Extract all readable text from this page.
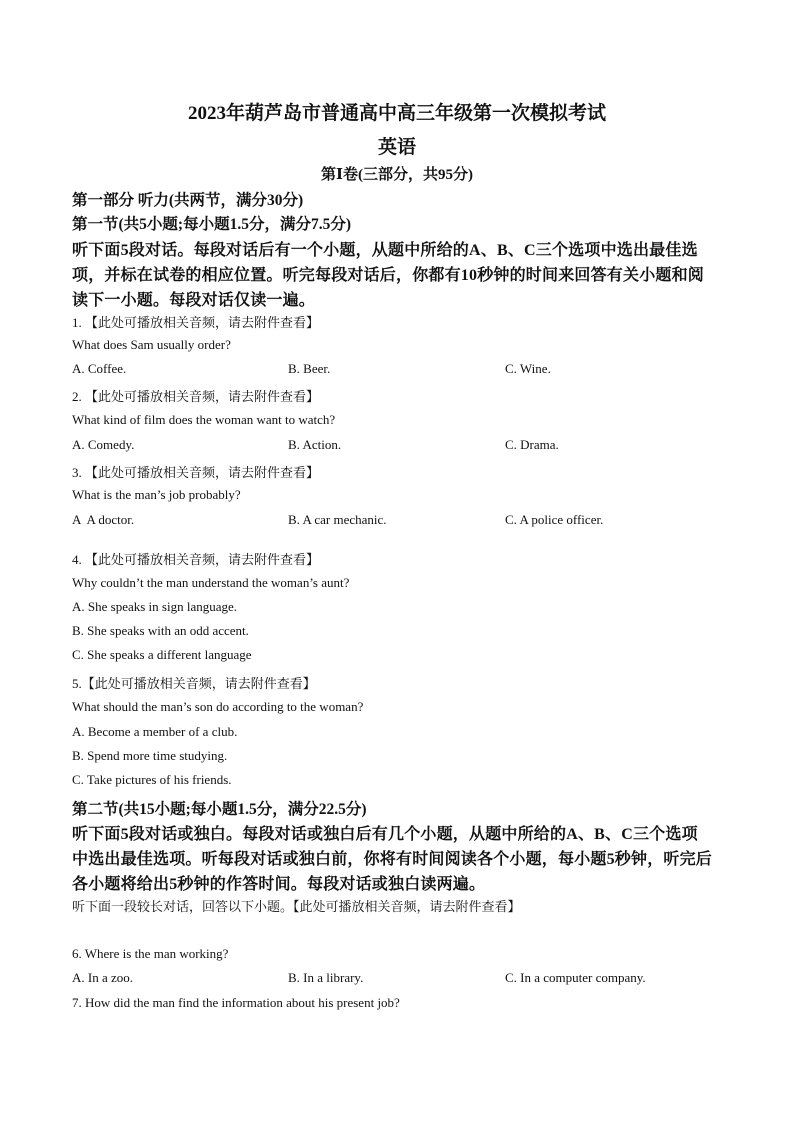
2023年葫芦岛市普通高中高三年级第一次模拟考试
英语
第Ⅰ卷(三部分，共95分)
第一部分 听力(共两节，满分30分)
第一节(共5小题;每小题1.5分，满分7.5分)
听下面5段对话。每段对话后有一个小题，从题中所给的A、B、C三个选项中选出最佳选
项，并标在试卷的相应位置。听完每段对话后，你都有10秒钟的时间来回答有关小题和阅
读下一小题。每段对话仅读一遍。
1. 【此处可播放相关音频，请去附件查看】
What does Sam usually order?
A. Coffee.	B. Beer.	C. Wine.
2. 【此处可播放相关音频，请去附件查看】
What kind of film does the woman want to watch?
A. Comedy.	B. Action.	C. Drama.
3. 【此处可播放相关音频，请去附件查看】
What is the man’s job probably?
A  A doctor.	B. A car mechanic.	C. A police officer.
4. 【此处可播放相关音频，请去附件查看】
Why couldn’t the man understand the woman’s aunt?
A. She speaks in sign language.
B. She speaks with an odd accent.
C. She speaks a different language
5.【此处可播放相关音频，请去附件查看】
What should the man’s son do according to the woman?
A. Become a member of a club.
B. Spend more time studying.
C. Take pictures of his friends.
第二节(共15小题;每小题1.5分，满分22.5分)
听下面5段对话或独白。每段对话或独白后有几个小题，从题中所给的A、B、C三个选项
中选出最佳选项。听每段对话或独白前，你将有时间阅读各个小题，每小题5秒钟，听完后
各小题将给出5秒钟的作答时间。每段对话或独白读两遍。
听下面一段较长对话，回答以下小题。【此处可播放相关音频，请去附件查看】
6. Where is the man working?
A. In a zoo.	B. In a library.	C. In a computer company.
7. How did the man find the information about his present job?
